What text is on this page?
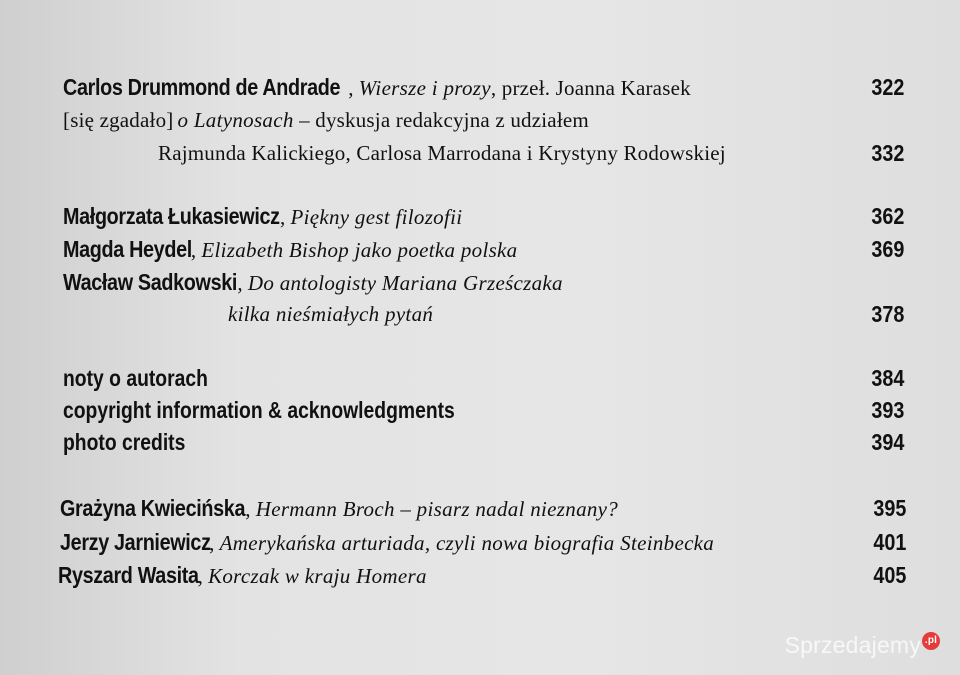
Carlos Drummond de Andrade , Wiersze i prozy, przeł. Joanna Karasek	322
[się zgadało] o Latynosach – dyskusja redakcyjna z udziałem
Rajmunda Kalickiego, Carlosa Marrodana i Krystyny Rodowskiej	332
Małgorzata Łukasiewicz, Piękny gest filozofii	362
Magda Heydel, Elizabeth Bishop jako poetka polska	369
Wacław Sadkowski, Do antologisty Mariana Grześczaka
kilka nieśmiałych pytań	378
noty o autorach	384
copyright information & acknowledgments	393
photo credits	394
Grażyna Kwiecińska, Hermann Broch – pisarz nadal nieznany?	395
Jerzy Jarniewicz, Amerykańska arturiada, czyli nowa biografia Steinbecka	401
Ryszard Wasita, Korczak w kraju Homera	405
Sprzedajemy .pl
